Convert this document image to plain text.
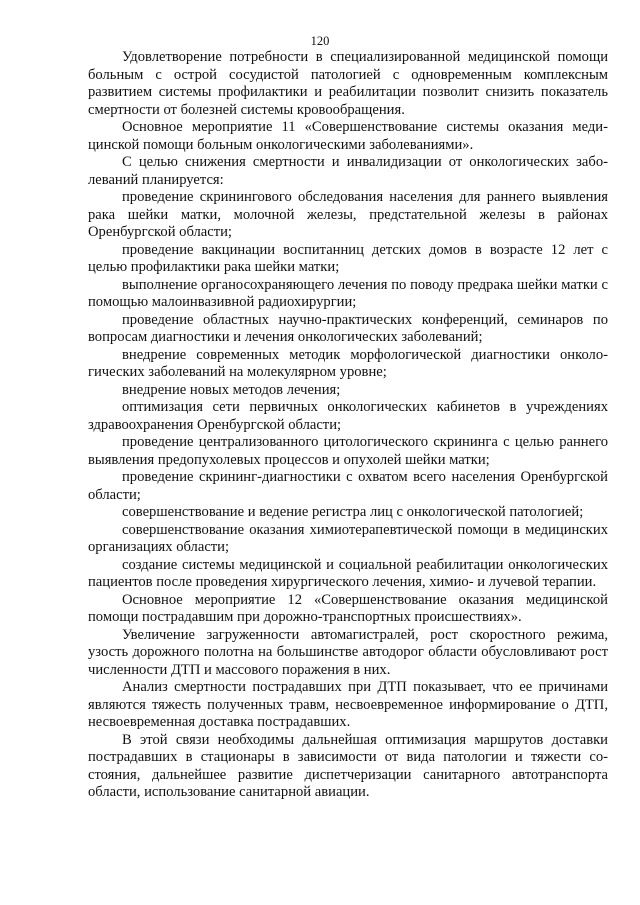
120

Удовлетворение потребности в специализированной медицинской помощи больным с острой сосудистой патологией с одновременным комплексным развитием системы профилактики и реабилитации позволит снизить показатель смертности от болезней системы кровообращения.

Основное мероприятие 11 «Совершенствование системы оказания медицинской помощи больным онкологическими заболеваниями».

С целью снижения смертности и инвалидизации от онкологических заболеваний планируется:

проведение скринингового обследования населения для раннего выявления рака шейки матки, молочной железы, предстательной железы в районах Оренбургской области;

проведение вакцинации воспитанниц детских домов в возрасте 12 лет с целью профилактики рака шейки матки;

выполнение органосохраняющего лечения по поводу предрака шейки матки с помощью малоинвазивной радиохирургии;

проведение областных научно-практических конференций, семинаров по вопросам диагностики и лечения онкологических заболеваний;

внедрение современных методик морфологической диагностики онкологических заболеваний на молекулярном уровне;

внедрение новых методов лечения;

оптимизация сети первичных онкологических кабинетов в учреждениях здравоохранения Оренбургской области;

проведение централизованного цитологического скрининга с целью раннего выявления предопухолевых процессов и опухолей шейки матки;

проведение скрининг-диагностики с охватом всего населения Оренбургской области;

совершенствование и ведение регистра лиц с онкологической патологией;

совершенствование оказания химиотерапевтической помощи в медицинских организациях области;

создание системы медицинской и социальной реабилитации онкологических пациентов после проведения хирургического лечения, химио- и лучевой терапии.

Основное мероприятие 12 «Совершенствование оказания медицинской помощи пострадавшим при дорожно-транспортных происшествиях».

Увеличение загруженности автомагистралей, рост скоростного режима, узость дорожного полотна на большинстве автодорог области обусловливают рост численности ДТП и массового поражения в них.

Анализ смертности пострадавших при ДТП показывает, что ее причинами являются тяжесть полученных травм, несвоевременное информирование о ДТП, несвоевременная доставка пострадавших.

В этой связи необходимы дальнейшая оптимизация маршрутов доставки пострадавших в стационары в зависимости от вида патологии и тяжести состояния, дальнейшее развитие диспетчеризации санитарного автотранспорта области, использование санитарной авиации.
